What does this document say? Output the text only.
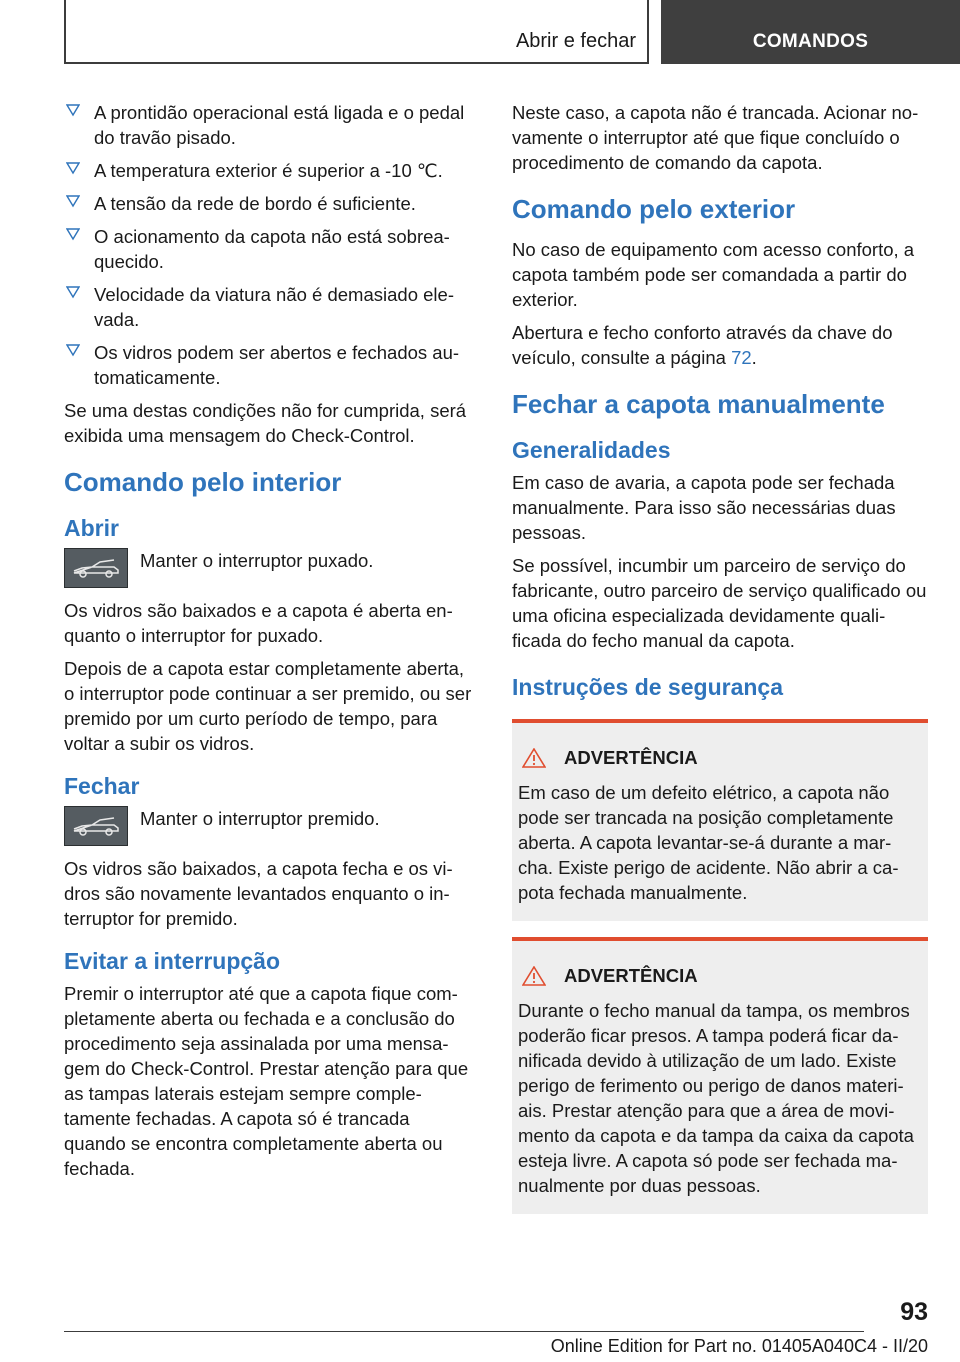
Abrir e fechar	COMANDOS
A prontidão operacional está ligada e o pedal do travão pisado.
A temperatura exterior é superior a -10 ℃.
A tensão da rede de bordo é suficiente.
O acionamento da capota não está sobrea‐ quecido.
Velocidade da viatura não é demasiado ele‐ vada.
Os vidros podem ser abertos e fechados au‐ tomaticamente.

Se uma destas condições não for cumprida, será exibida uma mensagem do Check-Control.

Comando pelo interior
Abrir
Manter o interruptor puxado.

Os vidros são baixados e a capota é aberta en‐ quanto o interruptor for puxado.

Depois de a capota estar completamente aberta, o interruptor pode continuar a ser premido, ou ser premido por um curto período de tempo, para voltar a subir os vidros.

Fechar
Manter o interruptor premido.

Os vidros são baixados, a capota fecha e os vi‐ dros são novamente levantados enquanto o in‐ terruptor for premido.

Evitar a interrupção

Premir o interruptor até que a capota fique com‐ pletamente aberta ou fechada e a conclusão do procedimento seja assinalada por uma mensa‐ gem do Check-Control. Prestar atenção para que as tampas laterais estejam sempre comple‐ tamente fechadas. A capota só é trancada quando se encontra completamente aberta ou fechada.

Neste caso, a capota não é trancada. Acionar no‐ vamente o interruptor até que fique concluído o procedimento de comando da capota.

Comando pelo exterior

No caso de equipamento com acesso conforto, a capota também pode ser comandada a partir do exterior.

Abertura e fecho conforto através da chave do veículo, consulte a página 72.

Fechar a capota manualmente
Generalidades

Em caso de avaria, a capota pode ser fechada manualmente. Para isso são necessárias duas pessoas.

Se possível, incumbir um parceiro de serviço do fabricante, outro parceiro de serviço qualificado ou uma oficina especializada devidamente quali‐ ficada do fecho manual da capota.

Instruções de segurança
ADVERTÊNCIA
Em caso de um defeito elétrico, a capota não pode ser trancada na posição completamente aberta. A capota levantar-se-á durante a mar‐ cha. Existe perigo de acidente. Não abrir a ca‐ pota fechada manualmente.
ADVERTÊNCIA
Durante o fecho manual da tampa, os membros poderão ficar presos. A tampa poderá ficar da‐ nificada devido à utilização de um lado. Existe perigo de ferimento ou perigo de danos materi‐ ais. Prestar atenção para que a área de movi‐ mento da capota e da tampa da caixa da capota esteja livre. A capota só pode ser fechada ma‐ nualmente por duas pessoas.
93
Online Edition for Part no. 01405A040C4 - II/20
